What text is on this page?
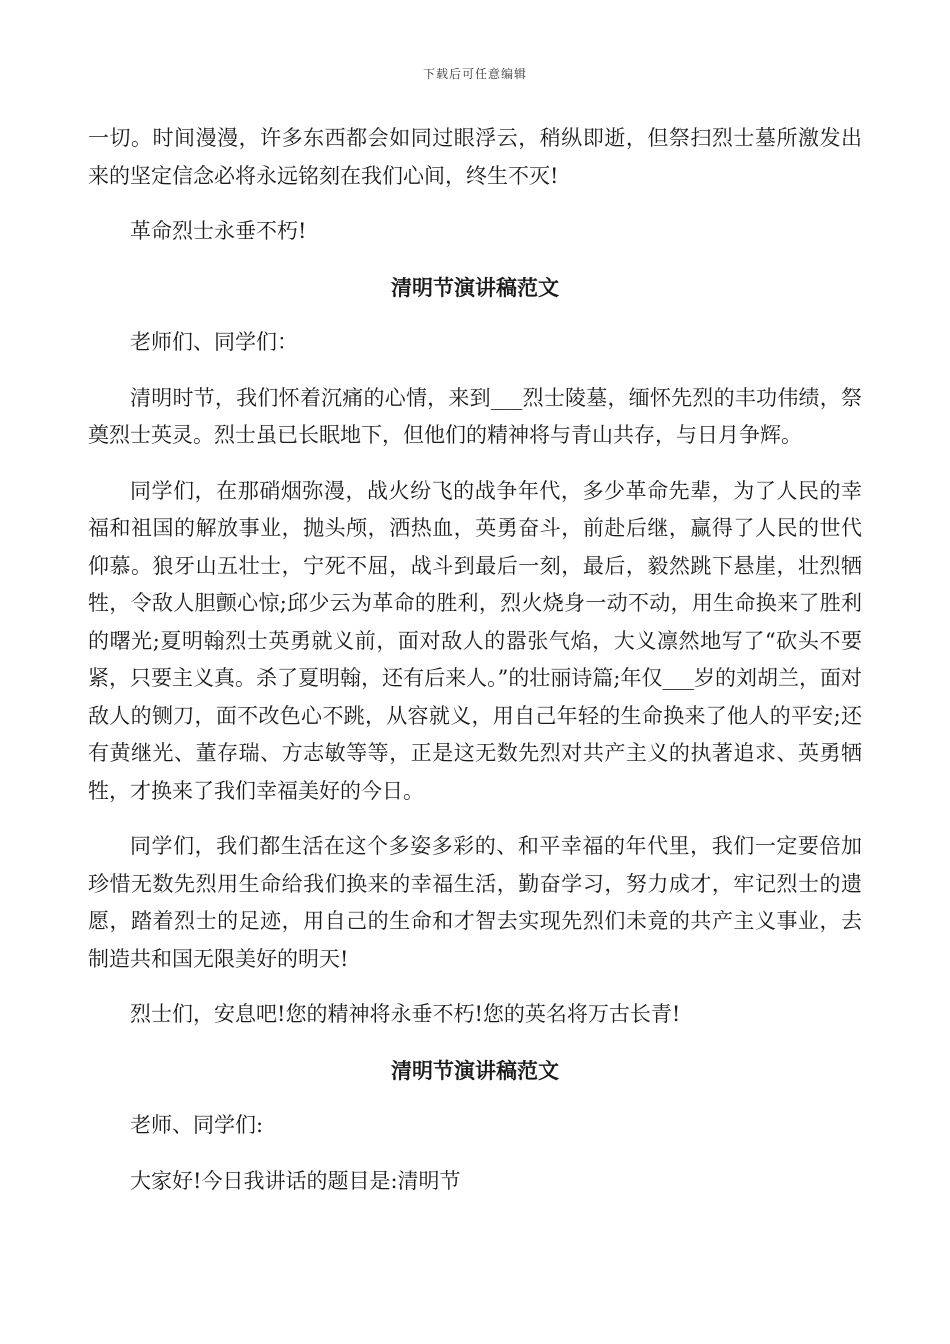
下载后可任意编辑

一切。时间漫漫，许多东西都会如同过眼浮云，稍纵即逝，但祭扫烈士墓所激发出来的坚定信念必将永远铭刻在我们心间，终生不灭!

革命烈士永垂不朽!

清明节演讲稿范文

老师们、同学们：

清明时节，我们怀着沉痛的心情，来到___烈士陵墓，缅怀先烈的丰功伟绩，祭奠烈士英灵。烈士虽已长眠地下，但他们的精神将与青山共存，与日月争辉。

同学们，在那硝烟弥漫，战火纷飞的战争年代，多少革命先辈，为了人民的幸福和祖国的解放事业，抛头颅，洒热血，英勇奋斗，前赴后继，赢得了人民的世代仰慕。狼牙山五壮士，宁死不屈，战斗到最后一刻，最后，毅然跳下悬崖，壮烈牺牲，令敌人胆颤心惊;邱少云为革命的胜利，烈火烧身一动不动，用生命换来了胜利的曙光;夏明翰烈士英勇就义前，面对敌人的嚣张气焰，大义凛然地写了“砍头不要紧，只要主义真。杀了夏明翰，还有后来人。”的壮丽诗篇;年仅___岁的刘胡兰，面对敌人的铡刀，面不改色心不跳，从容就义，用自己年轻的生命换来了他人的平安;还有黄继光、董存瑞、方志敏等等，正是这无数先烈对共产主义的执著追求、英勇牺牲，才换来了我们幸福美好的今日。

同学们，我们都生活在这个多姿多彩的、和平幸福的年代里，我们一定要倍加珍惜无数先烈用生命给我们换来的幸福生活，勤奋学习，努力成才，牢记烈士的遗愿，踏着烈士的足迹，用自己的生命和才智去实现先烈们未竟的共产主义事业，去制造共和国无限美好的明天!

烈士们，安息吧!您的精神将永垂不朽!您的英名将万古长青!

清明节演讲稿范文

老师、同学们:

大家好!今日我讲话的题目是:清明节
